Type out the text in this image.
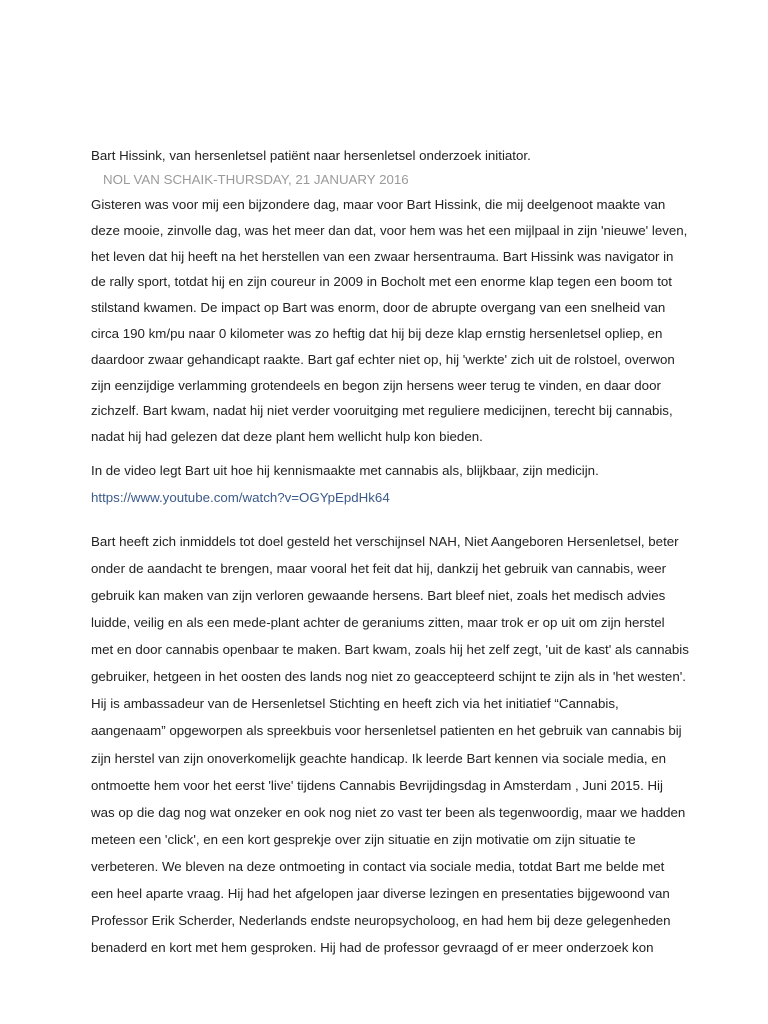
Bart Hissink, van hersenletsel patiënt naar hersenletsel onderzoek initiator.

NOL VAN SCHAIK-THURSDAY, 21 JANUARY 2016

Gisteren was voor mij een bijzondere dag, maar voor Bart Hissink, die mij deelgenoot maakte van
deze mooie, zinvolle dag, was het meer dan dat, voor hem was het een mijlpaal in zijn 'nieuwe' leven,
het leven dat hij heeft na het herstellen van een zwaar hersentrauma. Bart Hissink was navigator in
de rally sport, totdat hij en zijn coureur in 2009 in Bocholt met een enorme klap tegen een boom tot
stilstand kwamen. De impact op Bart was enorm, door de abrupte overgang van een snelheid van
circa 190 km/pu naar 0 kilometer was zo heftig dat hij bij deze klap ernstig hersenletsel opliep, en
daardoor zwaar gehandicapt raakte. Bart gaf echter niet op, hij 'werkte' zich uit de rolstoel, overwon
zijn eenzijdige verlamming grotendeels en begon zijn hersens weer terug te vinden, en daar door
zichzelf. Bart kwam, nadat hij niet verder vooruitging met reguliere medicijnen, terecht bij cannabis,
nadat hij had gelezen dat deze plant hem wellicht hulp kon bieden.

In de video legt Bart uit hoe hij kennismaakte met cannabis als, blijkbaar, zijn medicijn.

https://www.youtube.com/watch?v=OGYpEpdHk64

Bart heeft zich inmiddels tot doel gesteld het verschijnsel NAH, Niet Aangeboren Hersenletsel, beter
onder de aandacht te brengen, maar vooral het feit dat hij, dankzij het gebruik van cannabis, weer
gebruik kan maken van zijn verloren gewaande hersens. Bart bleef niet, zoals het medisch advies
luidde, veilig en als een mede-plant achter de geraniums zitten, maar trok er op uit om zijn herstel
met en door cannabis openbaar te maken. Bart kwam, zoals hij het zelf zegt, 'uit de kast' als cannabis
gebruiker, hetgeen in het oosten des lands nog niet zo geaccepteerd schijnt te zijn als in 'het westen'.
Hij is ambassadeur van de Hersenletsel Stichting en heeft zich via het initiatief “Cannabis,
aangenaam” opgeworpen als spreekbuis voor hersenletsel patienten en het gebruik van cannabis bij
zijn herstel van zijn onoverkomelijk geachte handicap. Ik leerde Bart kennen via sociale media, en
ontmoette hem voor het eerst 'live' tijdens Cannabis Bevrijdingsdag in Amsterdam , Juni 2015. Hij
was op die dag nog wat onzeker en ook nog niet zo vast ter been als tegenwoordig, maar we hadden
meteen een 'click', en een kort gesprekje over zijn situatie en zijn motivatie om zijn situatie te
verbeteren. We bleven na deze ontmoeting in contact via sociale media, totdat Bart me belde met
een heel aparte vraag. Hij had het afgelopen jaar diverse lezingen en presentaties bijgewoond van
Professor Erik Scherder, Nederlands endste neuropsycholoog, en had hem bij deze gelegenheden
benaderd en kort met hem gesproken. Hij had de professor gevraagd of er meer onderzoek kon
